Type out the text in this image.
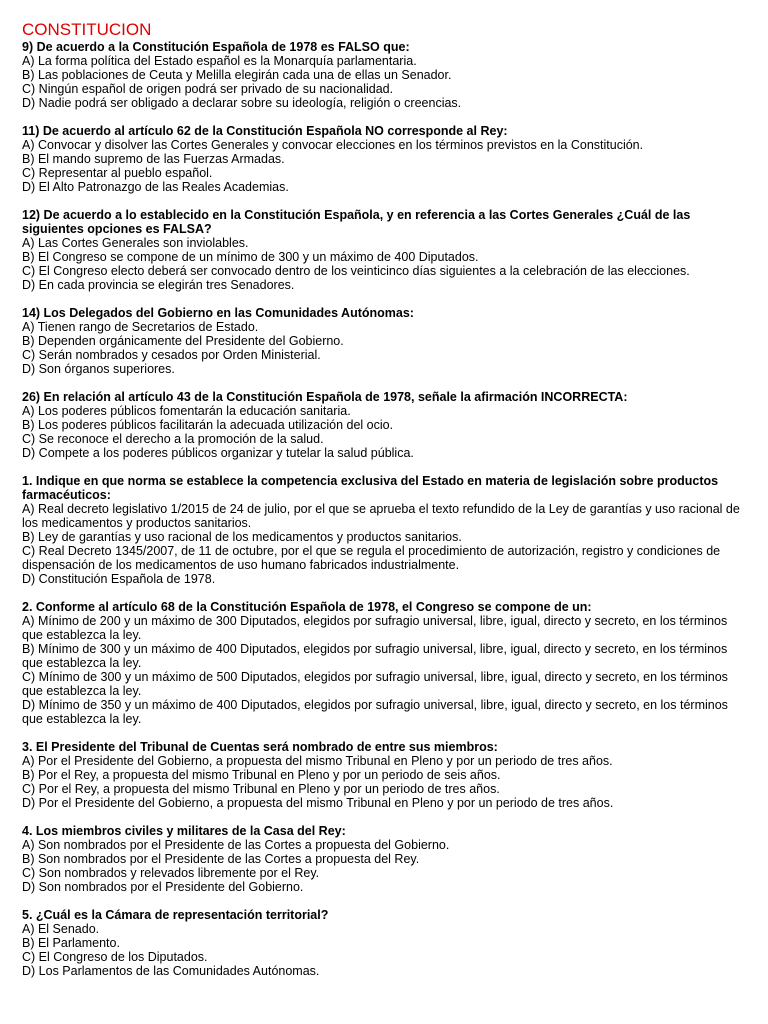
CONSTITUCION

9) De acuerdo a la Constitución Española de 1978 es FALSO que:

A) La forma política del Estado español es la Monarquía parlamentaria.

B) Las poblaciones de Ceuta y Melilla elegirán cada una de ellas un Senador.

C) Ningún español de origen podrá ser privado de su nacionalidad.

D) Nadie podrá ser obligado a declarar sobre su ideología, religión o creencias.

11) De acuerdo al artículo 62 de la Constitución Española NO corresponde al Rey:

A) Convocar y disolver las Cortes Generales y convocar elecciones en los términos previstos en la Constitución.

B) El mando supremo de las Fuerzas Armadas.

C) Representar al pueblo español.

D) El Alto Patronazgo de las Reales Academias.

12) De acuerdo a lo establecido en la Constitución Española, y en referencia a las Cortes Generales ¿Cuál de las siguientes opciones es FALSA?

A) Las Cortes Generales son inviolables.

B) El Congreso se compone de un mínimo de 300 y un máximo de 400 Diputados.

C) El Congreso electo deberá ser convocado dentro de los veinticinco días siguientes a la celebración de las elecciones.

D) En cada provincia se elegirán tres Senadores.

14) Los Delegados del Gobierno en las Comunidades Autónomas:

A) Tienen rango de Secretarios de Estado.

B) Dependen orgánicamente del Presidente del Gobierno.

C) Serán nombrados y cesados por Orden Ministerial.

D) Son órganos superiores.

26) En relación al artículo 43 de la Constitución Española de 1978, señale la afirmación INCORRECTA:

A) Los poderes públicos fomentarán la educación sanitaria.

B) Los poderes públicos facilitarán la adecuada utilización del ocio.

C) Se reconoce el derecho a la promoción de la salud.

D) Compete a los poderes públicos organizar y tutelar la salud pública.

1. Indique en que norma se establece la competencia exclusiva del Estado en materia de legislación sobre productos farmacéuticos:

A) Real decreto legislativo 1/2015 de 24 de julio, por el que se aprueba el texto refundido de la Ley de garantías y uso racional de los medicamentos y productos sanitarios.

B) Ley de garantías y uso racional de los medicamentos y productos sanitarios.

C) Real Decreto 1345/2007, de 11 de octubre, por el que se regula el procedimiento de autorización, registro y condiciones de dispensación de los medicamentos de uso humano fabricados industrialmente.

D) Constitución Española de 1978.

2. Conforme al artículo 68 de la Constitución Española de 1978, el Congreso se compone de un:

A) Mínimo de 200 y un máximo de 300 Diputados, elegidos por sufragio universal, libre, igual, directo y secreto, en los términos que establezca la ley.

B) Mínimo de 300 y un máximo de 400 Diputados, elegidos por sufragio universal, libre, igual, directo y secreto, en los términos que establezca la ley.

C) Mínimo de 300 y un máximo de 500 Diputados, elegidos por sufragio universal, libre, igual, directo y secreto, en los términos que establezca la ley.

D) Mínimo de 350 y un máximo de 400 Diputados, elegidos por sufragio universal, libre, igual, directo y secreto, en los términos que establezca la ley.

3. El Presidente del Tribunal de Cuentas será nombrado de entre sus miembros:

A) Por el Presidente del Gobierno, a propuesta del mismo Tribunal en Pleno y por un periodo de tres años.

B) Por el Rey, a propuesta del mismo Tribunal en Pleno y por un periodo de seis años.

C) Por el Rey, a propuesta del mismo Tribunal en Pleno y por un periodo de tres años.

D) Por el Presidente del Gobierno, a propuesta del mismo Tribunal en Pleno y por un periodo de tres años.

4. Los miembros civiles y militares de la Casa del Rey:

A) Son nombrados por el Presidente de las Cortes a propuesta del Gobierno.

B) Son nombrados por el Presidente de las Cortes a propuesta del Rey.

C) Son nombrados y relevados libremente por el Rey.

D) Son nombrados por el Presidente del Gobierno.

5. ¿Cuál es la Cámara de representación territorial?

A) El Senado.

B) El Parlamento.

C) El Congreso de los Diputados.

D) Los Parlamentos de las Comunidades Autónomas.
